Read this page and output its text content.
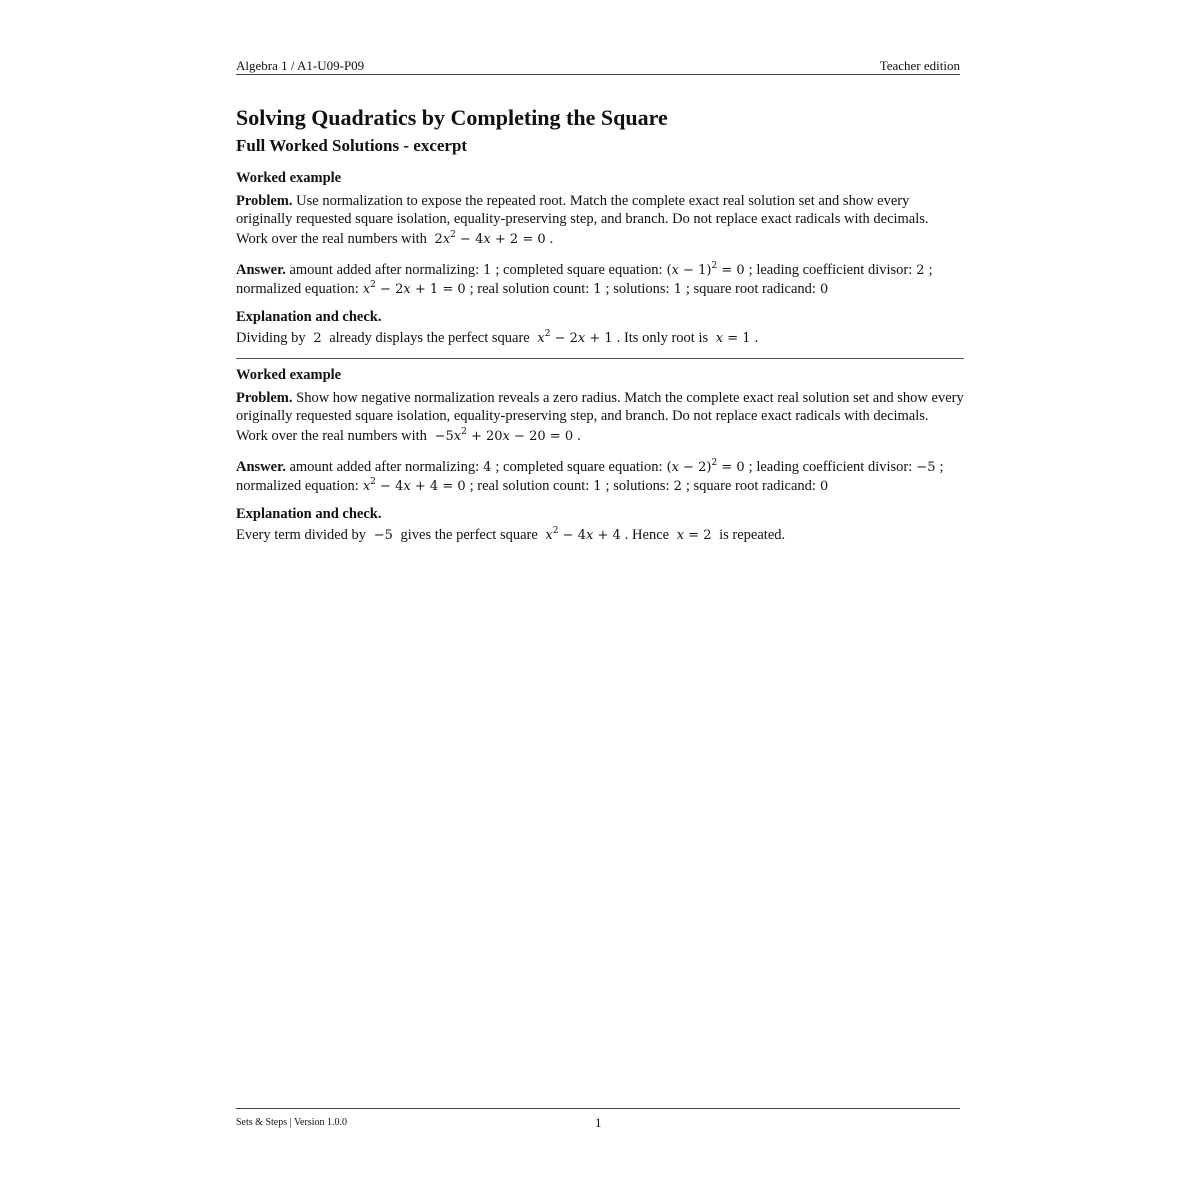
Algebra 1 / A1-U09-P09	Teacher edition
Solving Quadratics by Completing the Square
Full Worked Solutions - excerpt
Worked example
Problem. Use normalization to expose the repeated root. Match the complete exact real solution set and show every originally requested square isolation, equality-preserving step, and branch. Do not replace exact radicals with decimals.
Work over the real numbers with $2x^2 - 4x + 2 = 0$ .
Answer. amount added after normalizing: 1 ; completed square equation: $(x - 1)^2 = 0$ ; leading coefficient divisor: 2 ; normalized equation: $x^2 - 2x + 1 = 0$ ; real solution count: 1 ; solutions: 1 ; square root radicand: 0
Explanation and check.
Dividing by 2 already displays the perfect square $x^2 - 2x + 1$ . Its only root is x = 1 .
Worked example
Problem. Show how negative normalization reveals a zero radius. Match the complete exact real solution set and show every originally requested square isolation, equality-preserving step, and branch. Do not replace exact radicals with decimals.
Work over the real numbers with $-5x^2 + 20x - 20 = 0$ .
Answer. amount added after normalizing: 4 ; completed square equation: $(x - 2)^2 = 0$ ; leading coefficient divisor: −5 ; normalized equation: $x^2 - 4x + 4 = 0$ ; real solution count: 1 ; solutions: 2 ; square root radicand: 0
Explanation and check.
Every term divided by −5 gives the perfect square $x^2 - 4x + 4$ . Hence x = 2 is repeated.
Sets & Steps | Version 1.0.0	1
